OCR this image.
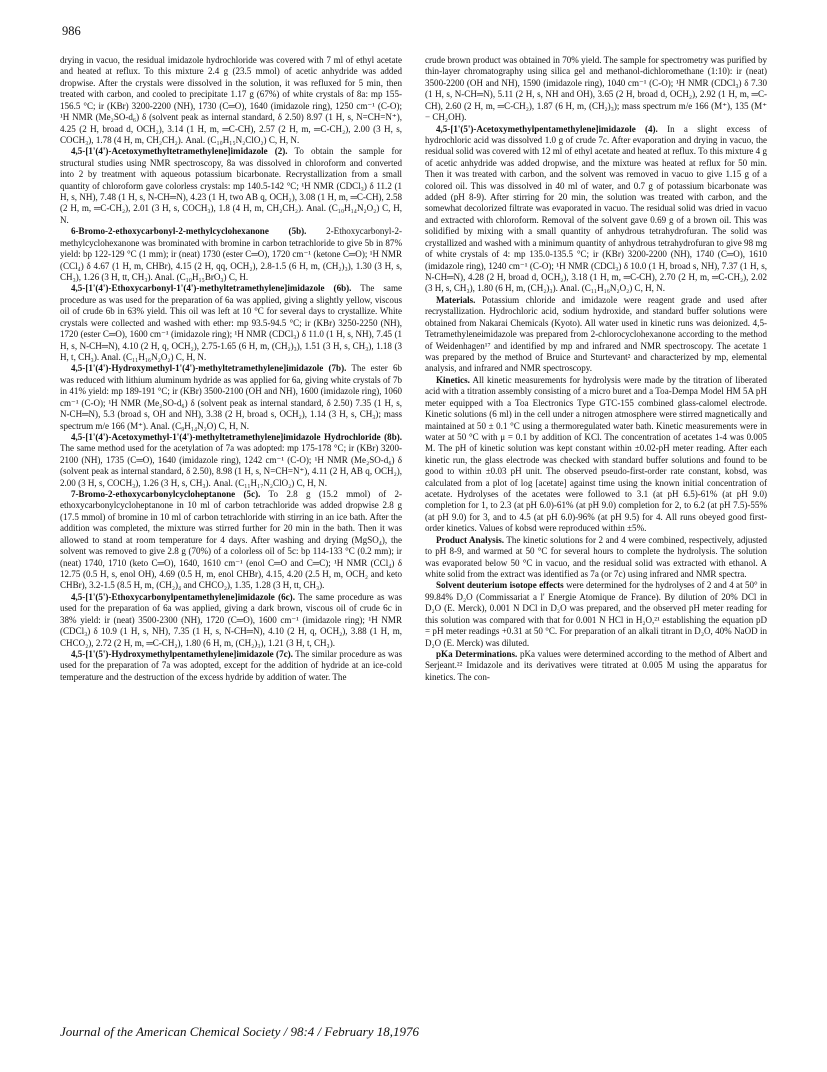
986

drying in vacuo, the residual imidazole hydrochloride was covered with 7 ml of ethyl acetate and heated at reflux. To this mixture 2.4 g (23.5 mmol) of acetic anhydride was added dropwise. After the crystals were dissolved in the solution, it was refluxed for 5 min, then treated with carbon, and cooled to precipitate 1.17 g (67%) of white crystals of 8a: mp 155-156.5 °C; ir (KBr) 3200-2200 (NH), 1730 (C═O), 1640 (imidazole ring), 1250 cm⁻¹ (C-O); ¹H NMR (Me₂SO-d₆) δ (solvent peak as internal standard, δ 2.50) 8.97 (1 H, s, N=CH=N⁺), 4.25 (2 H, broad d, OCH₂), 3.14 (1 H, m, ═C-CH), 2.57 (2 H, m, ═C-CH₂), 2.00 (3 H, s, COCH₃), 1.78 (4 H, m, CH₂CH₂). Anal. (C₁₀H₁₅N₂ClO₂) C, H, N.

4,5-[1'(4')-Acetoxymethyltetramethylene]imidazole (2). To obtain the sample for structural studies using NMR spectroscopy, 8a was dissolved in chloroform and converted into 2 by treatment with aqueous potassium bicarbonate. Recrystallization from a small quantity of chloroform gave colorless crystals: mp 140.5-142 °C; ¹H NMR (CDCl₃) δ 11.2 (1 H, s, NH), 7.48 (1 H, s, N-CH═N), 4.23 (1 H, two AB q, OCH₂), 3.08 (1 H, m, ═C-CH), 2.58 (2 H, m, ═C-CH₂), 2.01 (3 H, s, COCH₃), 1.8 (4 H, m, CH₂CH₂). Anal. (C₁₀H₁₄N₂O₂) C, H, N.

6-Bromo-2-ethoxycarbonyl-2-methylcyclohexanone (5b). 2-Ethoxycarbonyl-2-methylcyclohexanone was brominated with bromine in carbon tetrachloride to give 5b in 87% yield: bp 122-129 °C (1 mm); ir (neat) 1730 (ester C═O), 1720 cm⁻¹ (ketone C═O); ¹H NMR (CCl₄) δ 4.67 (1 H, m, CHBr), 4.15 (2 H, qq, OCH₂), 2.8-1.5 (6 H, m, (CH₂)₃), 1.30 (3 H, s, CH₃), 1.26 (3 H, tt, CH₃). Anal. (C₁₀H₁₅BrO₃) C, H.

4,5-[1'(4')-Ethoxycarbonyl-1'(4')-methyltetramethylene]imidazole (6b). The same procedure as was used for the preparation of 6a was applied, giving a slightly yellow, viscous oil of crude 6b in 63% yield. This oil was left at 10 °C for several days to crystallize. White crystals were collected and washed with ether: mp 93.5-94.5 °C; ir (KBr) 3250-2250 (NH), 1720 (ester C═O), 1600 cm⁻¹ (imidazole ring); ¹H NMR (CDCl₃) δ 11.0 (1 H, s, NH), 7.45 (1 H, s, N-CH═N), 4.10 (2 H, q, OCH₂), 2.75-1.65 (6 H, m, (CH₂)₃), 1.51 (3 H, s, CH₃), 1.18 (3 H, t, CH₃). Anal. (C₁₁H₁₆N₂O₂) C, H, N.

4,5-[1'(4')-Hydroxymethyl-1'(4')-methyltetramethylene]imidazole (7b). The ester 6b was reduced with lithium aluminum hydride as was applied for 6a, giving white crystals of 7b in 41% yield: mp 189-191 °C; ir (KBr) 3500-2100 (OH and NH), 1600 (imidazole ring), 1060 cm⁻¹ (C-O); ¹H NMR (Me₂SO-d₆) δ (solvent peak as internal standard, δ 2.50) 7.35 (1 H, s, N-CH═N), 5.3 (broad s, OH and NH), 3.38 (2 H, broad s, OCH₂), 1.14 (3 H, s, CH₃); mass spectrum m/e 166 (M⁺). Anal. (C₉H₁₄N₂O) C, H, N.

4,5-[1'(4')-Acetoxymethyl-1'(4')-methyltetramethylene]imidazole Hydrochloride (8b). The same method used for the acetylation of 7a was adopted: mp 175-178 °C; ir (KBr) 3200-2100 (NH), 1735 (C═O), 1640 (imidazole ring), 1242 cm⁻¹ (C-O); ¹H NMR (Me₂SO-d₆) δ (solvent peak as internal standard, δ 2.50), 8.98 (1 H, s, N=CH=N⁺), 4.11 (2 H, AB q, OCH₂), 2.00 (3 H, s, COCH₃), 1.26 (3 H, s, CH₃). Anal. (C₁₁H₁₇N₂ClO₂) C, H, N.

7-Bromo-2-ethoxycarbonylcycloheptanone (5c). To 2.8 g (15.2 mmol) of 2-ethoxycarbonylcycloheptanone in 10 ml of carbon tetrachloride was added dropwise 2.8 g (17.5 mmol) of bromine in 10 ml of carbon tetrachloride with stirring in an ice bath. After the addition was completed, the mixture was stirred further for 20 min in the bath. Then it was allowed to stand at room temperature for 4 days. After washing and drying (MgSO₄), the solvent was removed to give 2.8 g (70%) of a colorless oil of 5c: bp 114-133 °C (0.2 mm); ir (neat) 1740, 1710 (keto C═O), 1640, 1610 cm⁻¹ (enol C═O and C═C); ¹H NMR (CCl₄) δ 12.75 (0.5 H, s, enol OH), 4.69 (0.5 H, m, enol CHBr), 4.15, 4.20 (2.5 H, m, OCH₂ and keto CHBr), 3.2-1.5 (8.5 H, m, (CH₂)₄ and CHCO₂), 1.35, 1.28 (3 H, tt, CH₃).

4,5-[1'(5')-Ethoxycarbonylpentamethylene]imidazole (6c). The same procedure as was used for the preparation of 6a was applied, giving a dark brown, viscous oil of crude 6c in 38% yield: ir (neat) 3500-2300 (NH), 1720 (C═O), 1600 cm⁻¹ (imidazole ring); ¹H NMR (CDCl₃) δ 10.9 (1 H, s, NH), 7.35 (1 H, s, N-CH═N), 4.10 (2 H, q, OCH₂), 3.88 (1 H, m, CHCO₂), 2.72 (2 H, m, ═C-CH₂), 1.80 (6 H, m, (CH₂)₃), 1.21 (3 H, t, CH₃).

4,5-[1'(5')-Hydroxymethylpentamethylene]imidazole (7c). The similar procedure as was used for the preparation of 7a was adopted, except for the addition of hydride at an ice-cold temperature and the destruction of the excess hydride by addition of water. The

crude brown product was obtained in 70% yield. The sample for spectrometry was purified by thin-layer chromatography using silica gel and methanol-dichloromethane (1:10): ir (neat) 3500-2200 (OH and NH), 1590 (imidazole ring), 1040 cm⁻¹ (C-O); ¹H NMR (CDCl₃) δ 7.30 (1 H, s, N-CH═N), 5.11 (2 H, s, NH and OH), 3.65 (2 H, broad d, OCH₂), 2.92 (1 H, m, ═C-CH), 2.60 (2 H, m, ═C-CH₂), 1.87 (6 H, m, (CH₂)₃); mass spectrum m/e 166 (M⁺), 135 (M⁺ − CH₂OH).

4,5-[1'(5')-Acetoxymethylpentamethylene]imidazole (4). In a slight excess of hydrochloric acid was dissolved 1.0 g of crude 7c. After evaporation and drying in vacuo, the residual solid was covered with 12 ml of ethyl acetate and heated at reflux. To this mixture 4 g of acetic anhydride was added dropwise, and the mixture was heated at reflux for 50 min. Then it was treated with carbon, and the solvent was removed in vacuo to give 1.15 g of a colored oil. This was dissolved in 40 ml of water, and 0.7 g of potassium bicarbonate was added (pH 8-9). After stirring for 20 min, the solution was treated with carbon, and the somewhat decolorized filtrate was evaporated in vacuo. The residual solid was dried in vacuo and extracted with chloroform. Removal of the solvent gave 0.69 g of a brown oil. This was solidified by mixing with a small quantity of anhydrous tetrahydrofuran. The solid was crystallized and washed with a minimum quantity of anhydrous tetrahydrofuran to give 98 mg of white crystals of 4: mp 135.0-135.5 °C; ir (KBr) 3200-2200 (NH), 1740 (C═O), 1610 (imidazole ring), 1240 cm⁻¹ (C-O); ¹H NMR (CDCl₃) δ 10.0 (1 H, broad s, NH), 7.37 (1 H, s, N-CH═N), 4.28 (2 H, broad d, OCH₂), 3.18 (1 H, m, ═C-CH), 2.70 (2 H, m, ═C-CH₂), 2.02 (3 H, s, CH₃), 1.80 (6 H, m, (CH₂)₃). Anal. (C₁₁H₁₆N₂O₂) C, H, N.

Materials. Potassium chloride and imidazole were reagent grade and used after recrystallization. Hydrochloric acid, sodium hydroxide, and standard buffer solutions were obtained from Nakarai Chemicals (Kyoto). All water used in kinetic runs was deionized. 4,5-Tetramethyleneimidazole was prepared from 2-chlorocyclohexanone according to the method of Weidenhagen¹⁷ and identified by mp and infrared and NMR spectroscopy. The acetate 1 was prepared by the method of Bruice and Sturtevant² and characterized by mp, elemental analysis, and infrared and NMR spectroscopy.

Kinetics. All kinetic measurements for hydrolysis were made by the titration of liberated acid with a titration assembly consisting of a micro buret and a Toa-Dempa Model HM 5A pH meter equipped with a Toa Electronics Type GTC-155 combined glass-calomel electrode. Kinetic solutions (6 ml) in the cell under a nitrogen atmosphere were stirred magnetically and maintained at 50 ± 0.1 °C using a thermoregulated water bath. Kinetic measurements were in water at 50 °C with μ = 0.1 by addition of KCl. The concentration of acetates 1-4 was 0.005 M. The pH of kinetic solution was kept constant within ±0.02-pH meter reading. After each kinetic run, the glass electrode was checked with standard buffer solutions and found to be good to within ±0.03 pH unit. The observed pseudo-first-order rate constant, kobsd, was calculated from a plot of log [acetate] against time using the known initial concentration of acetate. Hydrolyses of the acetates were followed to 3.1 (at pH 6.5)-61% (at pH 9.0) completion for 1, to 2.3 (at pH 6.0)-61% (at pH 9.0) completion for 2, to 6.2 (at pH 7.5)-55% (at pH 9.0) for 3, and to 4.5 (at pH 6.0)-96% (at pH 9.5) for 4. All runs obeyed good first-order kinetics. Values of kobsd were reproduced within ±5%.

Product Analysis. The kinetic solutions for 2 and 4 were combined, respectively, adjusted to pH 8-9, and warmed at 50 °C for several hours to complete the hydrolysis. The solution was evaporated below 50 °C in vacuo, and the residual solid was extracted with ethanol. A white solid from the extract was identified as 7a (or 7c) using infrared and NMR spectra.

Solvent deuterium isotope effects were determined for the hydrolyses of 2 and 4 at 50° in 99.84% D₂O (Commissariat a l' Energie Atomique de France). By dilution of 20% DCl in D₂O (E. Merck), 0.001 N DCl in D₂O was prepared, and the observed pH meter reading for this solution was compared with that for 0.001 N HCl in H₂O,²¹ establishing the equation pD = pH meter readings +0.31 at 50 °C. For preparation of an alkali titrant in D₂O, 40% NaOD in D₂O (E. Merck) was diluted.

pKa Determinations. pKa values were determined according to the method of Albert and Serjeant.²² Imidazole and its derivatives were titrated at 0.005 M using the apparatus for kinetics. The con-

Journal of the American Chemical Society / 98:4 / February 18,1976
